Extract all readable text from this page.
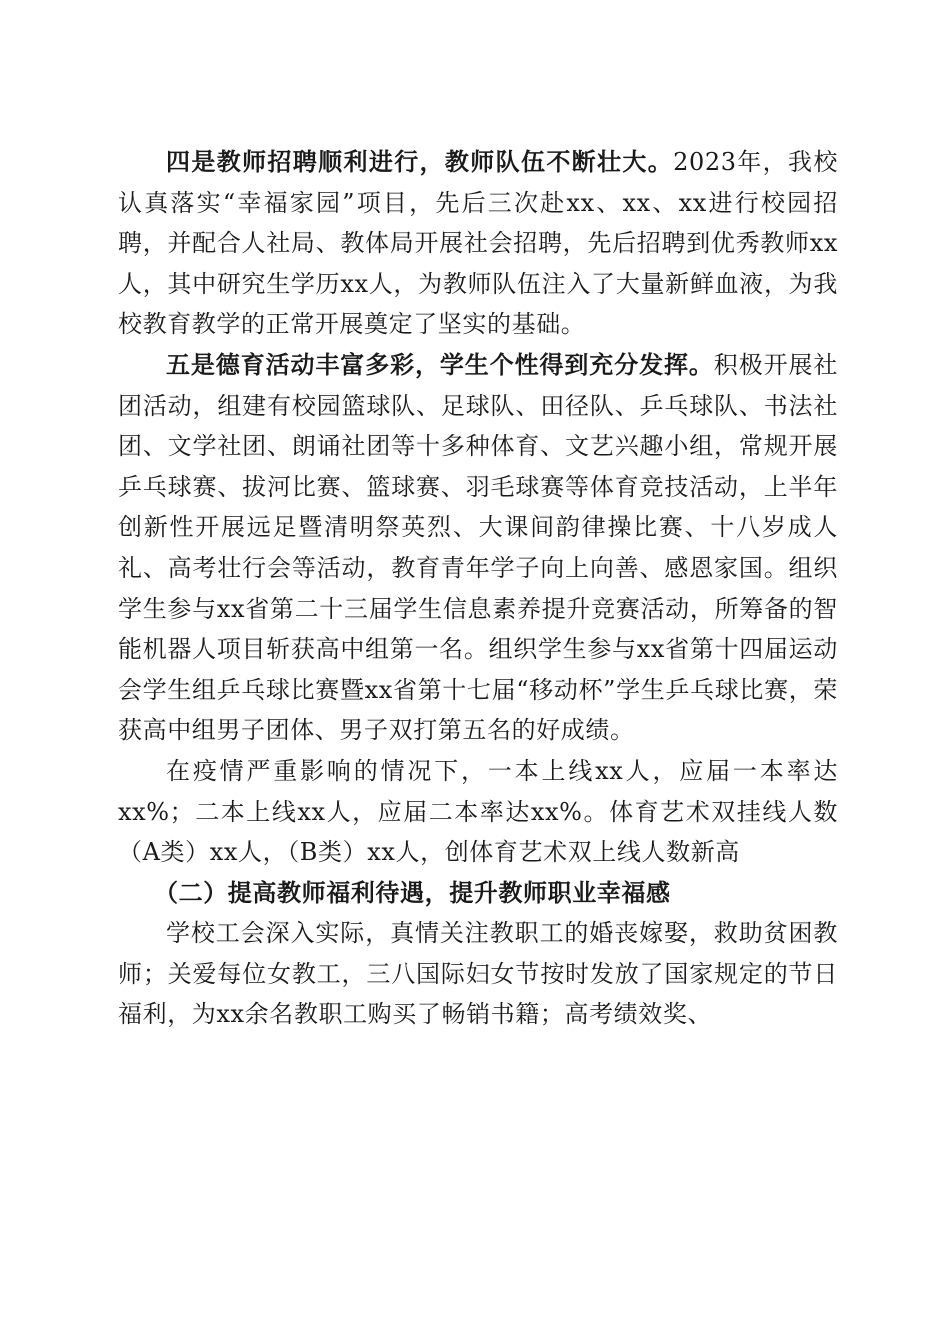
四是教师招聘顺利进行，教师队伍不断壮大。2023年，我校认真落实“幸福家园”项目，先后三次赴xx、xx、xx进行校园招聘，并配合人社局、教体局开展社会招聘，先后招聘到优秀教师xx人，其中研究生学历xx人，为教师队伍注入了大量新鲜血液，为我校教育教学的正常开展奠定了坚实的基础。

五是德育活动丰富多彩，学生个性得到充分发挥。积极开展社团活动，组建有校园篮球队、足球队、田径队、乒乓球队、书法社团、文学社团、朗诵社团等十多种体育、文艺兴趣小组，常规开展乒乓球赛、拔河比赛、篮球赛、羽毛球赛等体育竞技活动，上半年创新性开展远足暨清明祭英烈、大课间韵律操比赛、十八岁成人礼、高考壮行会等活动，教育青年学子向上向善、感恩家国。组织学生参与xx省第二十三届学生信息素养提升竞赛活动，所筹备的智能机器人项目斩获高中组第一名。组织学生参与xx省第十四届运动会学生组乒乓球比赛暨xx省第十七届“移动杯”学生乒乓球比赛，荣获高中组男子团体、男子双打第五名的好成绩。

在疫情严重影响的情况下，一本上线xx人，应届一本率达xx%；二本上线xx人，应届二本率达xx%。体育艺术双挂线人数（A类）xx人，（B类）xx人，创体育艺术双上线人数新高

（二）提高教师福利待遇，提升教师职业幸福感

学校工会深入实际，真情关注教职工的婚丧嫁娶，救助贫困教师；关爱每位女教工，三八国际妇女节按时发放了国家规定的节日福利，为xx余名教职工购买了畅销书籍；高考绩效奖、
